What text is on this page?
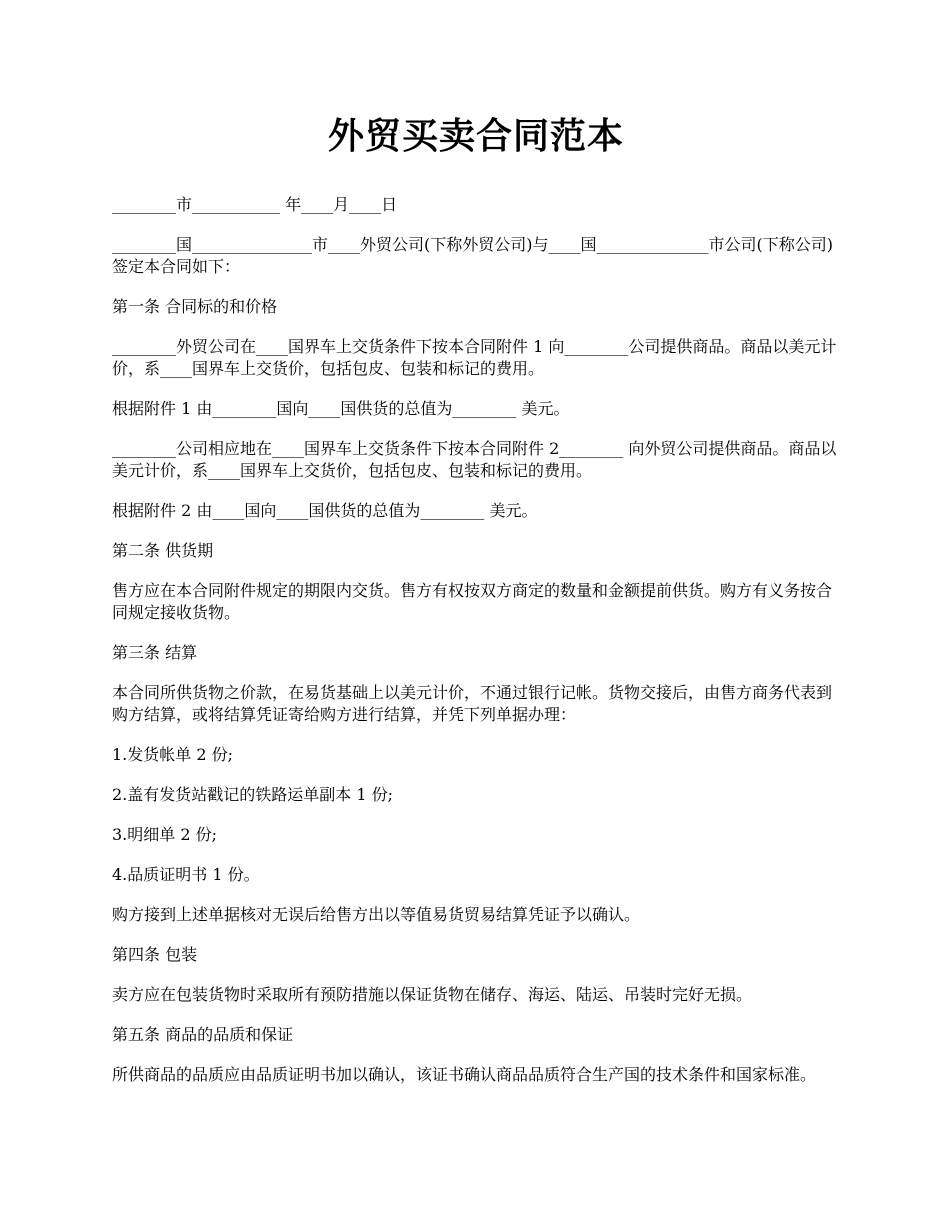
外贸买卖合同范本

________市___________ 年____月____日

________国_______________市____外贸公司(下称外贸公司)与____国______________市公司(下称公司)签定本合同如下：

第一条 合同标的和价格

________外贸公司在____国界车上交货条件下按本合同附件 1 向________公司提供商品。商品以美元计价，系____国界车上交货价，包括包皮、包装和标记的费用。

根据附件 1 由________国向____国供货的总值为________ 美元。

________公司相应地在____国界车上交货条件下按本合同附件 2________ 向外贸公司提供商品。商品以美元计价，系____国界车上交货价，包括包皮、包装和标记的费用。

根据附件 2 由____国向____国供货的总值为________ 美元。

第二条 供货期

售方应在本合同附件规定的期限内交货。售方有权按双方商定的数量和金额提前供货。购方有义务按合同规定接收货物。

第三条 结算

本合同所供货物之价款，在易货基础上以美元计价，不通过银行记帐。货物交接后，由售方商务代表到购方结算，或将结算凭证寄给购方进行结算，并凭下列单据办理：

1.发货帐单 2 份;

2.盖有发货站戳记的铁路运单副本 1 份;

3.明细单 2 份;

4.品质证明书 1 份。

购方接到上述单据核对无误后给售方出以等值易货贸易结算凭证予以确认。

第四条 包装

卖方应在包装货物时采取所有预防措施以保证货物在储存、海运、陆运、吊装时完好无损。

第五条 商品的品质和保证

所供商品的品质应由品质证明书加以确认，该证书确认商品品质符合生产国的技术条件和国家标准。
